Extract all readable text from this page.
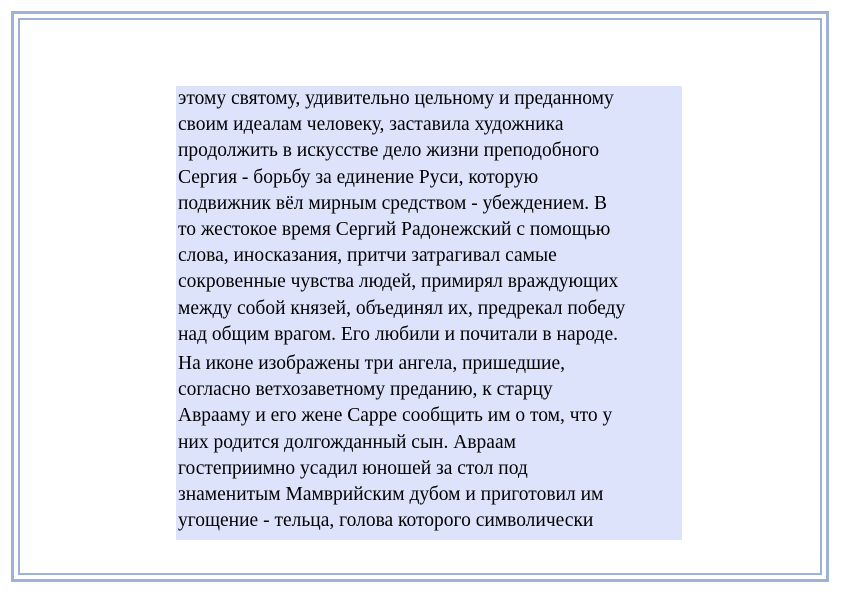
этому святому, удивительно цельному и преданному
своим идеалам человеку, заставила художника
продолжить в искусстве дело жизни преподобного
Сергия - борьбу за единение Руси, которую
подвижник вёл мирным средством - убеждением. В
то жестокое время Сергий Радонежский с помощью
слова, иносказания, притчи затрагивал самые
сокровенные чувства людей, примирял враждующих
между собой князей, объединял их, предрекал победу
над общим врагом. Его любили и почитали в народе.

На иконе изображены три ангела, пришедшие,
согласно ветхозаветному преданию, к старцу
Аврааму и его жене Сарре сообщить им о том, что у
них родится долгожданный сын. Авраам
гостеприимно усадил юношей за стол под
знаменитым Мамврийским дубом и приготовил им
угощение - тельца, голова которого символически
